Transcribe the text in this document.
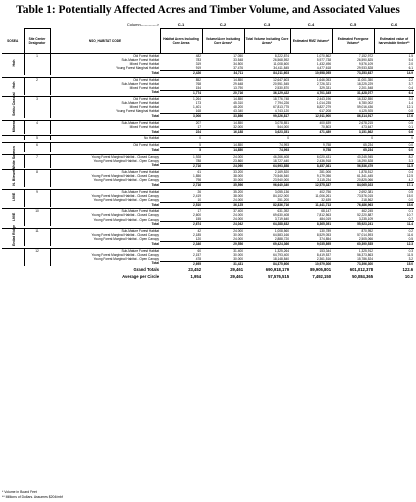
Table 1: Potentially Affected Acres and Timber Volume, and Associated Values
Column------------>			C-1	C-2	C-3	C-4	C-5	C-6
SOSEA	Site Center Designator	NSO_HABITAT CODE	Habitat Acres Including Core Areas	Volume/Acre Including Core Areas*	Total Volume Including Core Areas*	Estimated RMZ Volume*	Estimated Foregone Volume*	Estimated value of harvestable timber**
	1	Old Forest Habitat	482	17.050	8,222,874	1,070,862	7,152,972	1.5
		Sub-Mature Forest Habitat	783	33.548	26,568,592	5,977,738	26,590,825	5.4
		Mixed Forest Habitat	319	34.500	11,008,600	1,432,496	9,576,109	2.0
		Young Forest Marginal Habitat	919	37.476	34,411,845	4,477,618	29,933,828	6.1
		Total	2,426	34,711	84,211,603	10,958,055	73,253,637	14.9

	2	Old Forest Habitat	852	14.850	12,647,603	1,646,053	11,001,350	2.2
		Sub-Mature Forest Habitat	768	29.648	20,951,545	2,726,321	18,225,229	3.7
		Mixed Forest Habitat	154	13.790	2,530,870	329,331	2,201,548	0.4
		Total	1,774	20,716	36,129,422	4,701,345	31,428,077	6.4

	3	Old Forest Habitat	1,264	14.850	18,776,748	2,443,196	16,332,550	3.3
		Sub-Mature Forest Habitat	173	45.310	7,794,226	1,014,235	6,780,002	1.4
		Mixed Forest Habitat	1,401	48.200	67,813,775	8,827,279	59,016,436	12.1
		Young Forest Marginal Habitat	168	43.340	4,743,120	617,208	4,125,925	0.8
		Total	3,006	33,896	99,226,817	12,911,900	86,314,917	17.6

	4	Sub-Mature Forest Habitat	207	14.850	3,078,851	400,639	2,678,215	0.5
		Mixed Forest Habitat	17	32.000	544,000	70,803	473,647	0.1
		Total	224	16,188	3,623,351	471,489	3,151,862	0.6

	5	No Habitat	0		0		0	0

	6	Old Forest Habitat	5	14.850	74,993	9,758	65,234	0.0
		Total	5	14,850	74,993	9,758	65,234	0.0

	7	Young Forest Marginal Habitat - Closed Canopy	1,928	24.000	46,266,408	6,020,431	40,245,945	8.2
		Young Forest Marginal Habitat - Open Canopy	788	23.860	18,727,440	2,436,918	16,290,528	3.3
		Total	2,716	24,090	64,993,858	8,457,361	56,536,479	11.5

	8	Sub-Mature Forest Habitat	61	33.200	2,169,520	281,006	1,878,512	0.4
		Young Forest Marginal Habitat - Closed Canopy	1,856	38.000	70,546,540	9,179,056	61,341,445	12.5
		Young Forest Marginal Habitat - Open Canopy	798	30.000	23,940,000	3,115,234	20,825,066	4.2
		Total	2,716	35,596	96,640,340	12,575,337	84,065,023	17.1

	9	Sub-Mature Forest Habitat	26	35.200	3,055,136	402,756	2,692,381	0.5
		Young Forest Marginal Habitat - Closed Canopy	2,419	38.000	84,102,000	11,006,261	73,576,015	15.0
		Young Forest Marginal Habitat - Open Canopy	10	24.000	251,200	32,639	218,562	0.0
		Total	2,510	36,125	82,836,716	11,441,713	76,486,963	15.6

	10	Sub-Mature Forest Habitat	17	37.400	631,392	68,147	462,245	0.1
		Young Forest Marginal Habitat - Closed Canopy	2,600	24.000	69,630,408	7,812,563	52,220,887	10.7
		Young Forest Marginal Habitat - Open Canopy	155	24.000	3,719,640	484,019	3,235,109	0.7
		Total	2,674	24,042	64,288,632	8,365,391	55,923,241	11.4

	11	Sub-Mature Forest Habitat	42	24.000	1,008,560	130,789	870,952	0.2
		Young Forest Marginal Habitat - Closed Canopy	2,185	30.000	64,583,166	8,529,053	57,014,593	11.6
		Young Forest Marginal Habitat - Open Canopy	120	24.000	2,888,720	374,854	2,505,066	0.5
		Total	2,346	29,556	69,424,366	9,035,895	60,390,535	12.3

	12	Sub-Mature Forest Habitat	60	31.400	1,325,264	153,344	1,325,912	0.3
		Young Forest Marginal Habitat - Closed Canopy	2,157	30.000	64,793,400	8,419,537	56,373,863	11.5
		Young Forest Marginal Habitat - Open Canopy	478	30.000	18,148,840	2,361,516	15,786,524	3.2
		Total	2,695	31,431	84,375,606	10,979,306	73,396,300	15.0
Grand Totals			23,452	29,461	690,918,179	89,905,801	601,012,378	122.6
Average per Circle			1,954	29,461	57,576,515	7,492,150	50,084,365	10.2
* Volume in Board Feet
** Millions of Dollars. Assumes $204/mbf
Hoh
Hoh
Sekiu Coastal
Mineral
White Salmon
N. Blewett
I-90E
I-90E
Entiat Ridge
